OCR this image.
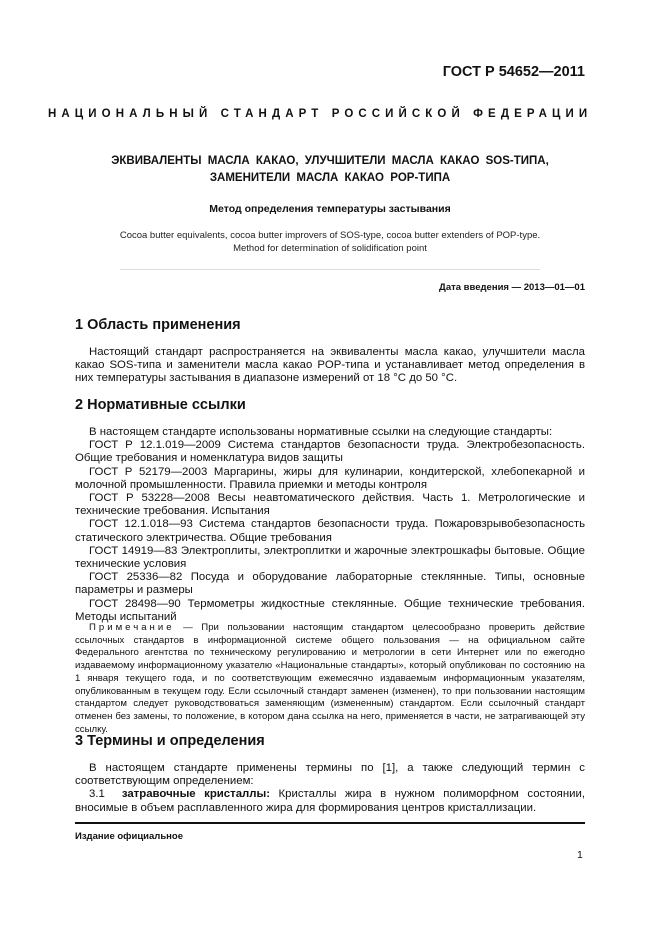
ГОСТ Р 54652—2011
НАЦИОНАЛЬНЫЙ СТАНДАРТ РОССИЙСКОЙ ФЕДЕРАЦИИ
ЭКВИВАЛЕНТЫ МАСЛА КАКАО, УЛУЧШИТЕЛИ МАСЛА КАКАО SOS-ТИПА,
ЗАМЕНИТЕЛИ МАСЛА КАКАО POP-ТИПА
Метод определения температуры застывания
Cocoa butter equivalents, cocoa butter improvers of SOS-type, cocoa butter extenders of POP-type.
Method for determination of solidification point
Дата введения — 2013—01—01
1 Область применения

Настоящий стандарт распространяется на эквиваленты масла какао, улучшители масла какао SOS-типа и заменители масла какао POP-типа и устанавливает метод определения в них температуры застывания в диапазоне измерений от 18 °С до 50 °С.

2 Нормативные ссылки

В настоящем стандарте использованы нормативные ссылки на следующие стандарты:

ГОСТ Р 12.1.019—2009 Система стандартов безопасности труда. Электробезопасность. Общие требования и номенклатура видов защиты

ГОСТ Р 52179—2003 Маргарины, жиры для кулинарии, кондитерской, хлебопекарной и молочной промышленности. Правила приемки и методы контроля

ГОСТ Р 53228—2008 Весы неавтоматического действия. Часть 1. Метрологические и технические требования. Испытания

ГОСТ 12.1.018—93 Система стандартов безопасности труда. Пожаровзрывобезопасность статического электричества. Общие требования

ГОСТ 14919—83 Электроплиты, электроплитки и жарочные электрошкафы бытовые. Общие технические условия

ГОСТ 25336—82 Посуда и оборудование лабораторные стеклянные. Типы, основные параметры и размеры

ГОСТ 28498—90 Термометры жидкостные стеклянные. Общие технические требования. Методы испытаний

Примечание — При пользовании настоящим стандартом целесообразно проверить действие ссылочных стандартов в информационной системе общего пользования — на официальном сайте Федерального агентства по техническому регулированию и метрологии в сети Интернет или по ежегодно издаваемому информационному указателю «Национальные стандарты», который опубликован по состоянию на 1 января текущего года, и по соответствующим ежемесячно издаваемым информационным указателям, опубликованным в текущем году. Если ссылочный стандарт заменен (изменен), то при пользовании настоящим стандартом следует руководствоваться заменяющим (измененным) стандартом. Если ссылочный стандарт отменен без замены, то положение, в котором дана ссылка на него, применяется в части, не затрагивающей эту ссылку.
3 Термины и определения

В настоящем стандарте применены термины по [1], а также следующий термин с соответствующим определением:

3.1 затравочные кристаллы: Кристаллы жира в нужном полиморфном состоянии, вносимые в объем расплавленного жира для формирования центров кристаллизации.

Издание официальное
1
